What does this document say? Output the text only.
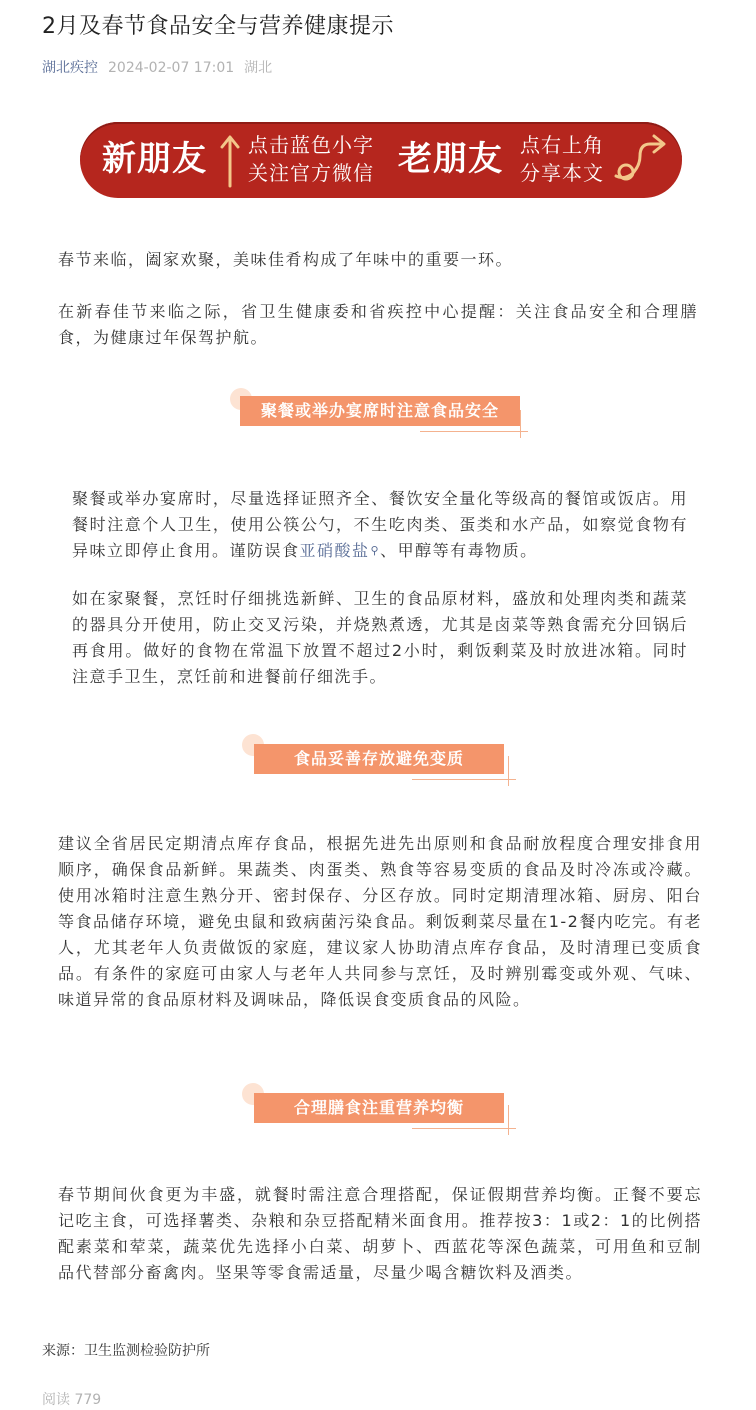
2月及春节食品安全与营养健康提示
湖北疾控 2024-02-07 17:01 湖北
新朋友 点击蓝色小字
关注官方微信 老朋友 点右上角
分享本文
春节来临，阖家欢聚，美味佳肴构成了年味中的重要一环。
在新春佳节来临之际，省卫生健康委和省疾控中心提醒：关注食品安全和合理膳食，为健康过年保驾护航。
聚餐或举办宴席时注意食品安全
聚餐或举办宴席时，尽量选择证照齐全、餐饮安全量化等级高的餐馆或饭店。用餐时注意个人卫生，使用公筷公勺，不生吃肉类、蛋类和水产品，如察觉食物有异味立即停止食用。谨防误食亚硝酸盐⚲、甲醇等有毒物质。
如在家聚餐，烹饪时仔细挑选新鲜、卫生的食品原材料，盛放和处理肉类和蔬菜的器具分开使用，防止交叉污染，并烧熟煮透，尤其是卤菜等熟食需充分回锅后再食用。做好的食物在常温下放置不超过2小时，剩饭剩菜及时放进冰箱。同时注意手卫生，烹饪前和进餐前仔细洗手。
食品妥善存放避免变质
建议全省居民定期清点库存食品，根据先进先出原则和食品耐放程度合理安排食用顺序，确保食品新鲜。果蔬类、肉蛋类、熟食等容易变质的食品及时冷冻或冷藏。使用冰箱时注意生熟分开、密封保存、分区存放。同时定期清理冰箱、厨房、阳台等食品储存环境，避免虫鼠和致病菌污染食品。剩饭剩菜尽量在1-2餐内吃完。有老人，尤其老年人负责做饭的家庭，建议家人协助清点库存食品，及时清理已变质食品。有条件的家庭可由家人与老年人共同参与烹饪，及时辨别霉变或外观、气味、味道异常的食品原材料及调味品，降低误食变质食品的风险。
合理膳食注重营养均衡
春节期间伙食更为丰盛，就餐时需注意合理搭配，保证假期营养均衡。正餐不要忘记吃主食，可选择薯类、杂粮和杂豆搭配精米面食用。推荐按3：1或2：1的比例搭配素菜和荤菜，蔬菜优先选择小白菜、胡萝卜、西蓝花等深色蔬菜，可用鱼和豆制品代替部分畜禽肉。坚果等零食需适量，尽量少喝含糖饮料及酒类。
来源：卫生监测检验防护所
阅读 779
